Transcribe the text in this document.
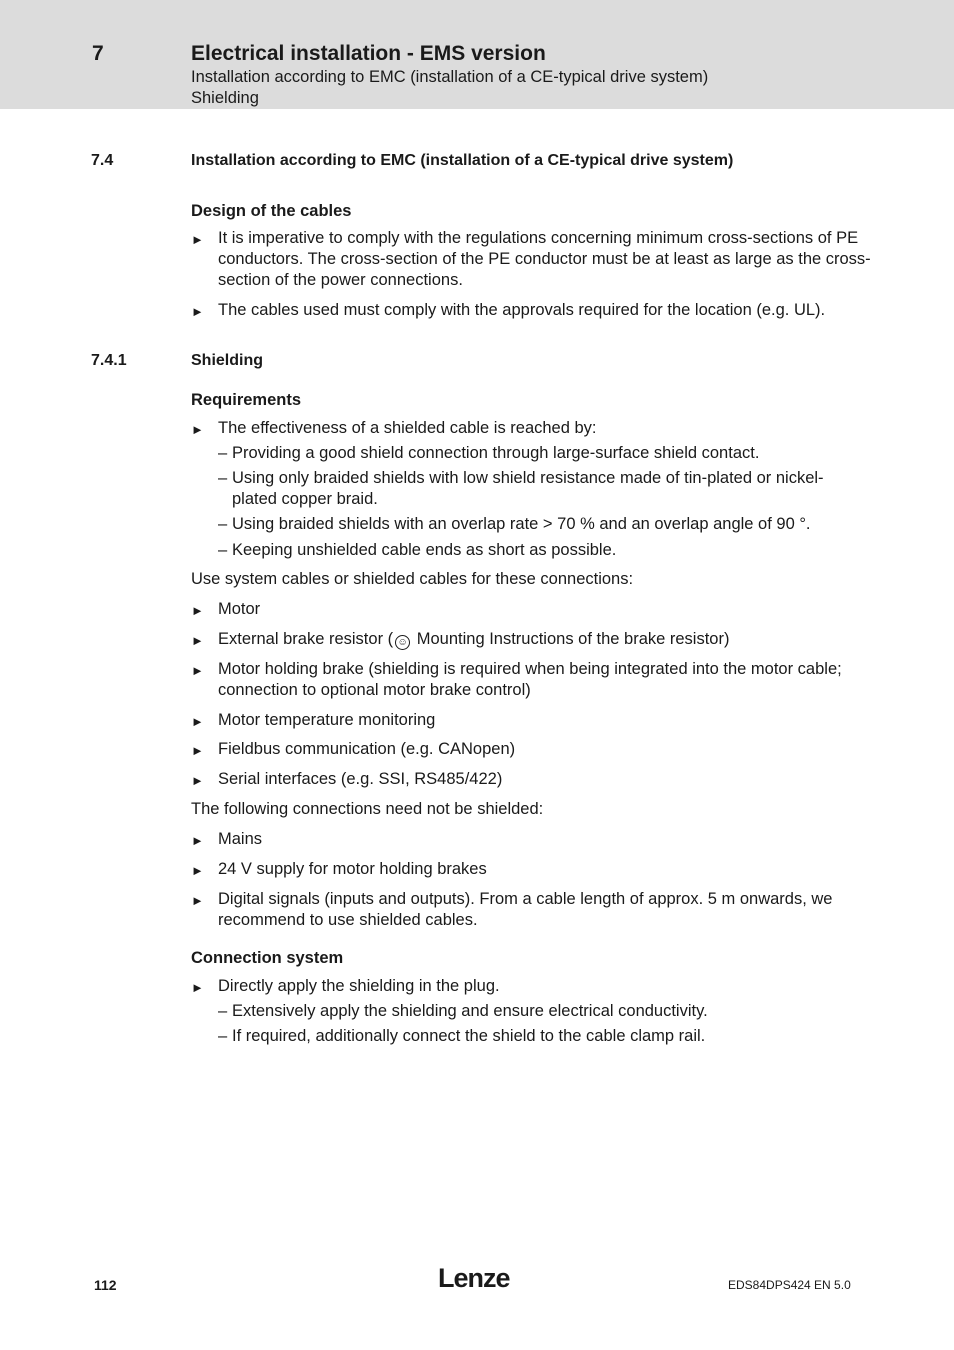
7	Electrical installation - EMS version
Installation according to EMC (installation of a CE-typical drive system)
Shielding
7.4	Installation according to EMC (installation of a CE-typical drive system)
Design of the cables
► It is imperative to comply with the regulations concerning minimum cross-sections of PE conductors. The cross-section of the PE conductor must be at least as large as the cross-section of the power connections.
► The cables used must comply with the approvals required for the location (e.g. UL).
7.4.1	Shielding
Requirements
► The effectiveness of a shielded cable is reached by:
– Providing a good shield connection through large-surface shield contact.
– Using only braided shields with low shield resistance made of tin-plated or nickel-plated copper braid.
– Using braided shields with an overlap rate > 70 % and an overlap angle of 90 °.
– Keeping unshielded cable ends as short as possible.
Use system cables or shielded cables for these connections:
► Motor
► External brake resistor ( ☺ Mounting Instructions of the brake resistor)
► Motor holding brake (shielding is required when being integrated into the motor cable; connection to optional motor brake control)
► Motor temperature monitoring
► Fieldbus communication (e.g. CANopen)
► Serial interfaces (e.g. SSI, RS485/422)
The following connections need not be shielded:
► Mains
► 24 V supply for motor holding brakes
► Digital signals (inputs and outputs). From a cable length of approx. 5 m onwards, we recommend to use shielded cables.
Connection system
► Directly apply the shielding in the plug.
– Extensively apply the shielding and ensure electrical conductivity.
– If required, additionally connect the shield to the cable clamp rail.
112	Lenze	EDS84DPS424 EN 5.0
